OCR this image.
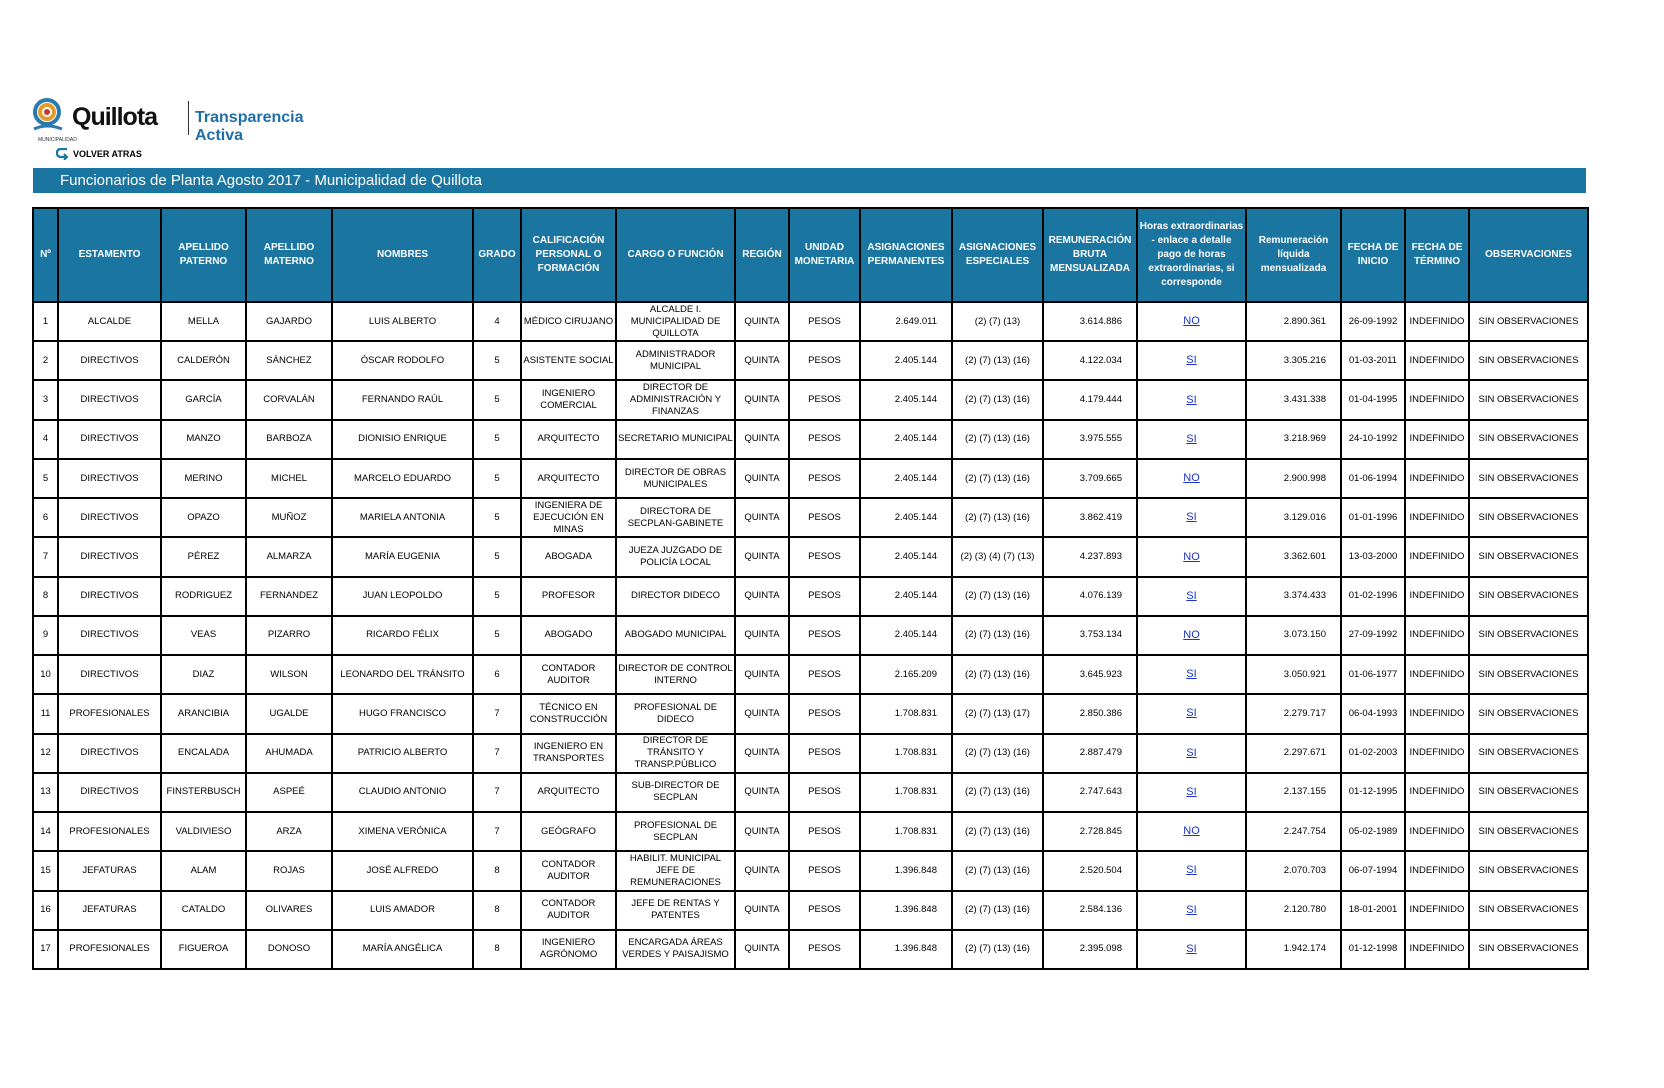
Quillota
MUNICIPALIDAD
Transparencia Activa
VOLVER ATRAS
Funcionarios de Planta Agosto 2017 - Municipalidad de Quillota
Nº	ESTAMENTO	APELLIDO PATERNO	APELLIDO MATERNO	NOMBRES	GRADO	CALIFICACIÓN PERSONAL O FORMACIÓN	CARGO O FUNCIÓN	REGIÓN	UNIDAD MONETARIA	ASIGNACIONES PERMANENTES	ASIGNACIONES ESPECIALES	REMUNERACIÓN BRUTA MENSUALIZADA	Horas extraordinarias - enlace a detalle pago de horas extraordinarias, si corresponde	Remuneración líquida mensualizada	FECHA DE INICIO	FECHA DE TÉRMINO	OBSERVACIONES
1	ALCALDE	MELLA	GAJARDO	LUIS ALBERTO	4	MÉDICO CIRUJANO	ALCALDE I. MUNICIPALIDAD DE QUILLOTA	QUINTA	PESOS	2.649.011	(2) (7) (13)	3.614.886	NO	2.890.361	26-09-1992	INDEFINIDO	SIN OBSERVACIONES
2	DIRECTIVOS	CALDERÓN	SÁNCHEZ	ÓSCAR RODOLFO	5	ASISTENTE SOCIAL	ADMINISTRADOR MUNICIPAL	QUINTA	PESOS	2.405.144	(2) (7) (13) (16)	4.122.034	SI	3.305.216	01-03-2011	INDEFINIDO	SIN OBSERVACIONES
3	DIRECTIVOS	GARCÍA	CORVALÁN	FERNANDO RAÚL	5	INGENIERO COMERCIAL	DIRECTOR DE ADMINISTRACIÓN Y FINANZAS	QUINTA	PESOS	2.405.144	(2) (7) (13) (16)	4.179.444	SI	3.431.338	01-04-1995	INDEFINIDO	SIN OBSERVACIONES
4	DIRECTIVOS	MANZO	BARBOZA	DIONISIO ENRIQUE	5	ARQUITECTO	SECRETARIO MUNICIPAL	QUINTA	PESOS	2.405.144	(2) (7) (13) (16)	3.975.555	SI	3.218.969	24-10-1992	INDEFINIDO	SIN OBSERVACIONES
5	DIRECTIVOS	MERINO	MICHEL	MARCELO EDUARDO	5	ARQUITECTO	DIRECTOR DE OBRAS MUNICIPALES	QUINTA	PESOS	2.405.144	(2) (7) (13) (16)	3.709.665	NO	2.900.998	01-06-1994	INDEFINIDO	SIN OBSERVACIONES
6	DIRECTIVOS	OPAZO	MUÑOZ	MARIELA ANTONIA	5	INGENIERA DE EJECUCIÓN EN MINAS	DIRECTORA DE SECPLAN-GABINETE	QUINTA	PESOS	2.405.144	(2) (7) (13) (16)	3.862.419	SI	3.129.016	01-01-1996	INDEFINIDO	SIN OBSERVACIONES
7	DIRECTIVOS	PÉREZ	ALMARZA	MARÍA EUGENIA	5	ABOGADA	JUEZA JUZGADO DE POLICÍA LOCAL	QUINTA	PESOS	2.405.144	(2) (3) (4) (7) (13)	4.237.893	NO	3.362.601	13-03-2000	INDEFINIDO	SIN OBSERVACIONES
8	DIRECTIVOS	RODRIGUEZ	FERNANDEZ	JUAN LEOPOLDO	5	PROFESOR	DIRECTOR DIDECO	QUINTA	PESOS	2.405.144	(2) (7) (13) (16)	4.076.139	SI	3.374.433	01-02-1996	INDEFINIDO	SIN OBSERVACIONES
9	DIRECTIVOS	VEAS	PIZARRO	RICARDO FÉLIX	5	ABOGADO	ABOGADO MUNICIPAL	QUINTA	PESOS	2.405.144	(2) (7) (13) (16)	3.753.134	NO	3.073.150	27-09-1992	INDEFINIDO	SIN OBSERVACIONES
10	DIRECTIVOS	DIAZ	WILSON	LEONARDO DEL TRÁNSITO	6	CONTADOR AUDITOR	DIRECTOR DE CONTROL INTERNO	QUINTA	PESOS	2.165.209	(2) (7) (13) (16)	3.645.923	SI	3.050.921	01-06-1977	INDEFINIDO	SIN OBSERVACIONES
11	PROFESIONALES	ARANCIBIA	UGALDE	HUGO FRANCISCO	7	TÉCNICO EN CONSTRUCCIÓN	PROFESIONAL DE DIDECO	QUINTA	PESOS	1.708.831	(2) (7) (13) (17)	2.850.386	SI	2.279.717	06-04-1993	INDEFINIDO	SIN OBSERVACIONES
12	DIRECTIVOS	ENCALADA	AHUMADA	PATRICIO ALBERTO	7	INGENIERO EN TRANSPORTES	DIRECTOR DE TRÁNSITO Y TRANSP.PÚBLICO	QUINTA	PESOS	1.708.831	(2) (7) (13) (16)	2.887.479	SI	2.297.671	01-02-2003	INDEFINIDO	SIN OBSERVACIONES
13	DIRECTIVOS	FINSTERBUSCH	ASPEÉ	CLAUDIO ANTONIO	7	ARQUITECTO	SUB-DIRECTOR DE SECPLAN	QUINTA	PESOS	1.708.831	(2) (7) (13) (16)	2.747.643	SI	2.137.155	01-12-1995	INDEFINIDO	SIN OBSERVACIONES
14	PROFESIONALES	VALDIVIESO	ARZA	XIMENA VERÓNICA	7	GEÓGRAFO	PROFESIONAL DE SECPLAN	QUINTA	PESOS	1.708.831	(2) (7) (13) (16)	2.728.845	NO	2.247.754	05-02-1989	INDEFINIDO	SIN OBSERVACIONES
15	JEFATURAS	ALAM	ROJAS	JOSÉ ALFREDO	8	CONTADOR AUDITOR	HABILIT. MUNICIPAL JEFE DE REMUNERACIONES	QUINTA	PESOS	1.396.848	(2) (7) (13) (16)	2.520.504	SI	2.070.703	06-07-1994	INDEFINIDO	SIN OBSERVACIONES
16	JEFATURAS	CATALDO	OLIVARES	LUIS AMADOR	8	CONTADOR AUDITOR	JEFE DE RENTAS Y PATENTES	QUINTA	PESOS	1.396.848	(2) (7) (13) (16)	2.584.136	SI	2.120.780	18-01-2001	INDEFINIDO	SIN OBSERVACIONES
17	PROFESIONALES	FIGUEROA	DONOSO	MARÍA ANGÉLICA	8	INGENIERO AGRÓNOMO	ENCARGADA ÁREAS VERDES Y PAISAJISMO	QUINTA	PESOS	1.396.848	(2) (7) (13) (16)	2.395.098	SI	1.942.174	01-12-1998	INDEFINIDO	SIN OBSERVACIONES
